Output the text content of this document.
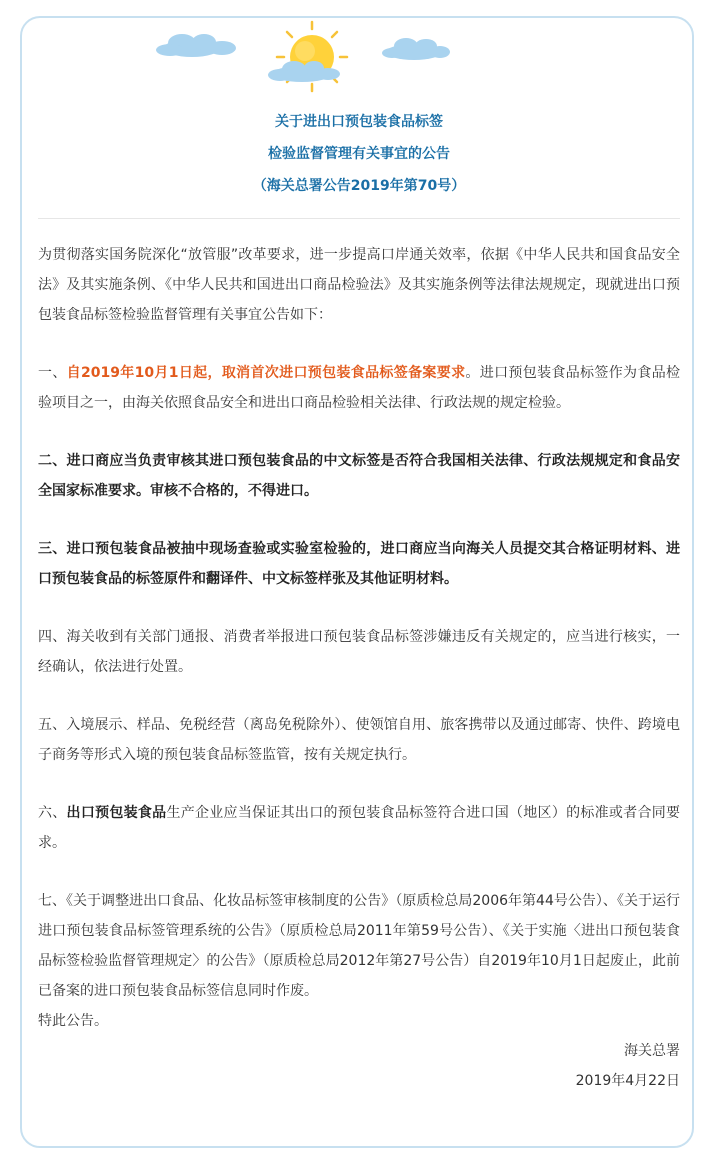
关于进出口预包装食品标签
检验监督管理有关事宜的公告
（海关总署公告2019年第70号）

为贯彻落实国务院深化“放管服”改革要求，进一步提高口岸通关效率，依据《中华人民共和国食品安全法》及其实施条例、《中华人民共和国进出口商品检验法》及其实施条例等法律法规规定，现就进出口预包装食品标签检验监督管理有关事宜公告如下：

一、自2019年10月1日起，取消首次进口预包装食品标签备案要求。进口预包装食品标签作为食品检验项目之一，由海关依照食品安全和进出口商品检验相关法律、行政法规的规定检验。

二、进口商应当负责审核其进口预包装食品的中文标签是否符合我国相关法律、行政法规规定和食品安全国家标准要求。审核不合格的，不得进口。

三、进口预包装食品被抽中现场查验或实验室检验的，进口商应当向海关人员提交其合格证明材料、进口预包装食品的标签原件和翻译件、中文标签样张及其他证明材料。

四、海关收到有关部门通报、消费者举报进口预包装食品标签涉嫌违反有关规定的，应当进行核实，一经确认，依法进行处置。

五、入境展示、样品、免税经营（离岛免税除外）、使领馆自用、旅客携带以及通过邮寄、快件、跨境电子商务等形式入境的预包装食品标签监管，按有关规定执行。

六、出口预包装食品生产企业应当保证其出口的预包装食品标签符合进口国（地区）的标准或者合同要求。

七、《关于调整进出口食品、化妆品标签审核制度的公告》（原质检总局2006年第44号公告）、《关于运行进口预包装食品标签管理系统的公告》（原质检总局2011年第59号公告）、《关于实施〈进出口预包装食品标签检验监督管理规定〉的公告》（原质检总局2012年第27号公告）自2019年10月1日起废止，此前已备案的进口预包装食品标签信息同时作废。

特此公告。

海关总署
2019年4月22日
